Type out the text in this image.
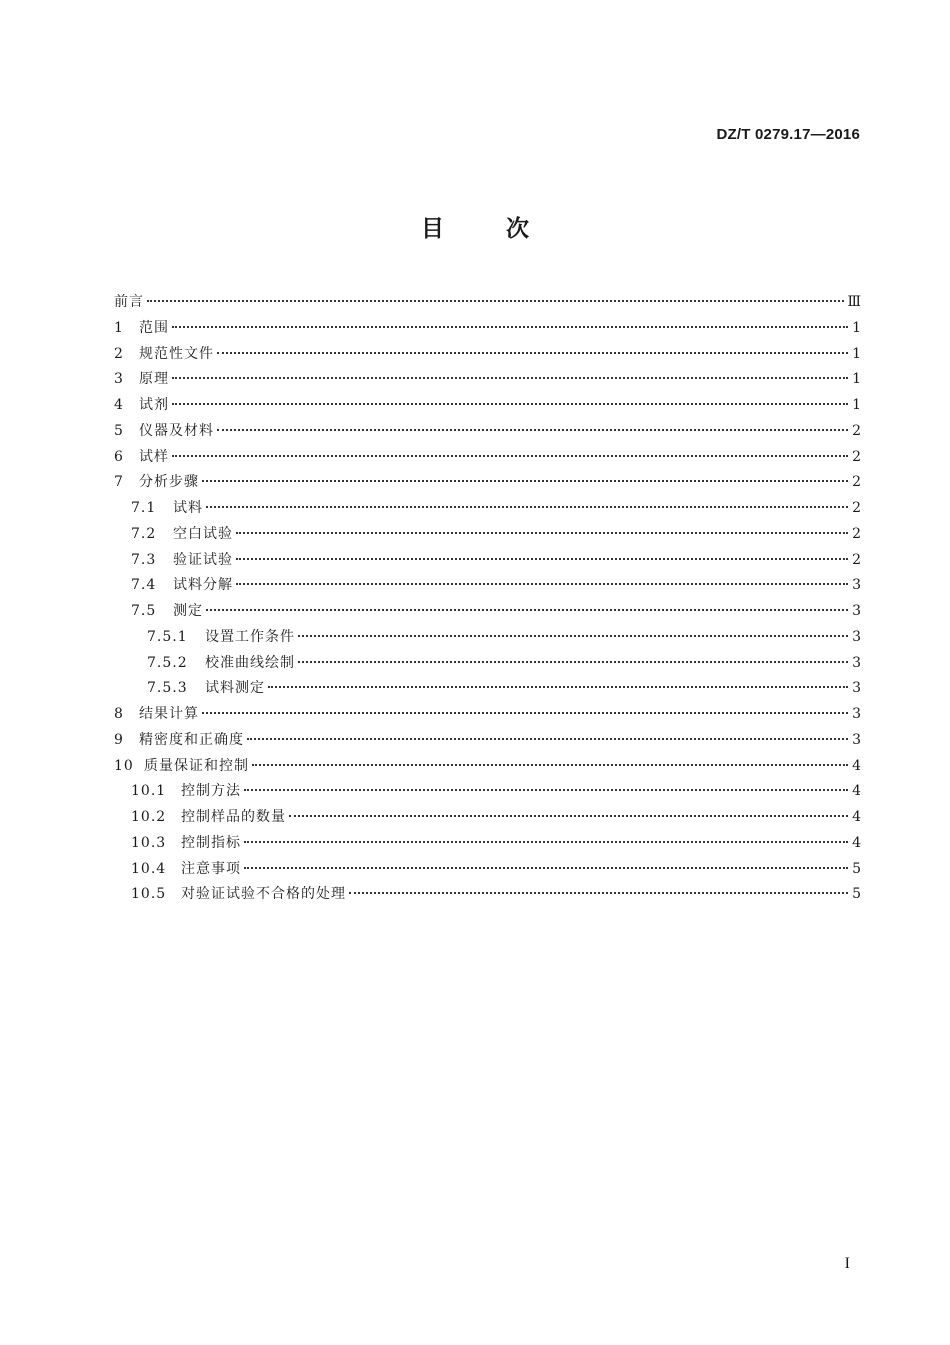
DZ/T 0279.17—2016
目次
前言	Ⅲ
1	范围	1
2	规范性文件	1
3	原理	1
4	试剂	1
5	仪器及材料	2
6	试样	2
7	分析步骤	2
7.1	试料	2
7.2	空白试验	2
7.3	验证试验	2
7.4	试料分解	3
7.5	测定	3
7.5.1	设置工作条件	3
7.5.2	校准曲线绘制	3
7.5.3	试料测定	3
8	结果计算	3
9	精密度和正确度	3
10 质量保证和控制	4
10.1	控制方法	4
10.2	控制样品的数量	4
10.3	控制指标	4
10.4	注意事项	5
10.5	对验证试验不合格的处理	5
I
